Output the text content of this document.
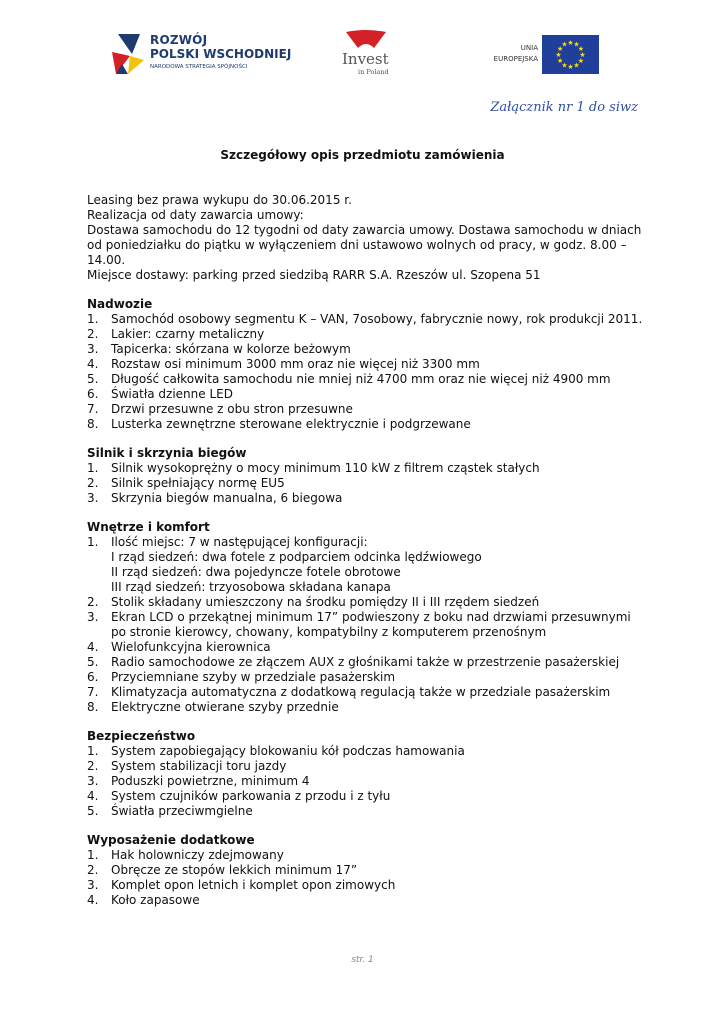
ROZWÓJ
POLSKI WSCHODNIEJ
NARODOWA STRATEGIA SPÓJNOŚCI	Invest
in Poland
UNIA
EUROPEJSKA
★ ★
★
★
★
★
★
★
★
★
★
★
Załącznik nr 1 do siwz
Szczegółowy opis przedmiotu zamówienia

Leasing bez prawa wykupu do 30.06.2015 r.

Realizacja od daty zawarcia umowy:

Dostawa samochodu do 12 tygodni od daty zawarcia umowy. Dostawa samochodu w dniach od poniedziałku do piątku w wyłączeniem dni ustawowo wolnych od pracy, w godz. 8.00 – 14.00.

Miejsce dostawy: parking przed siedzibą RARR S.A. Rzeszów ul. Szopena 51

Nadwozie
1. Samochód osobowy segmentu K – VAN, 7osobowy, fabrycznie nowy, rok produkcji 2011.
2. Lakier: czarny metaliczny
3. Tapicerka: skórzana w kolorze beżowym
4. Rozstaw osi minimum 3000 mm oraz nie więcej niż 3300 mm
5. Długość całkowita samochodu nie mniej niż 4700 mm oraz nie więcej niż 4900 mm
6. Światła dzienne LED
7. Drzwi przesuwne z obu stron przesuwne
8. Lusterka zewnętrzne sterowane elektrycznie i podgrzewane
Silnik i skrzynia biegów
1. Silnik wysokoprężny o mocy minimum 110 kW z filtrem cząstek stałych
2. Silnik spełniający normę EU5
3. Skrzynia biegów manualna, 6 biegowa
Wnętrze i komfort
1. Ilość miejsc: 7 w następującej konfiguracji:
I rząd siedzeń: dwa fotele z podparciem odcinka lędźwiowego
II rząd siedzeń: dwa pojedyncze fotele obrotowe
III rząd siedzeń: trzyosobowa składana kanapa
2. Stolik składany umieszczony na środku pomiędzy II i III rzędem siedzeń
3. Ekran LCD o przekątnej minimum 17” podwieszony z boku nad drzwiami przesuwnymi po stronie kierowcy, chowany, kompatybilny z komputerem przenośnym
4. Wielofunkcyjna kierownica
5. Radio samochodowe ze złączem AUX z głośnikami także w przestrzenie pasażerskiej
6. Przyciemniane szyby w przedziale pasażerskim
7. Klimatyzacja automatyczna z dodatkową regulacją także w przedziale pasażerskim
8. Elektryczne otwierane szyby przednie
Bezpieczeństwo
1. System zapobiegający blokowaniu kół podczas hamowania
2. System stabilizacji toru jazdy
3. Poduszki powietrzne, minimum 4
4. System czujników parkowania z przodu i z tyłu
5. Światła przeciwmgielne
Wyposażenie dodatkowe
1. Hak holowniczy zdejmowany
2. Obręcze ze stopów lekkich minimum 17”
3. Komplet opon letnich i komplet opon zimowych
4. Koło zapasowe
str. 1
